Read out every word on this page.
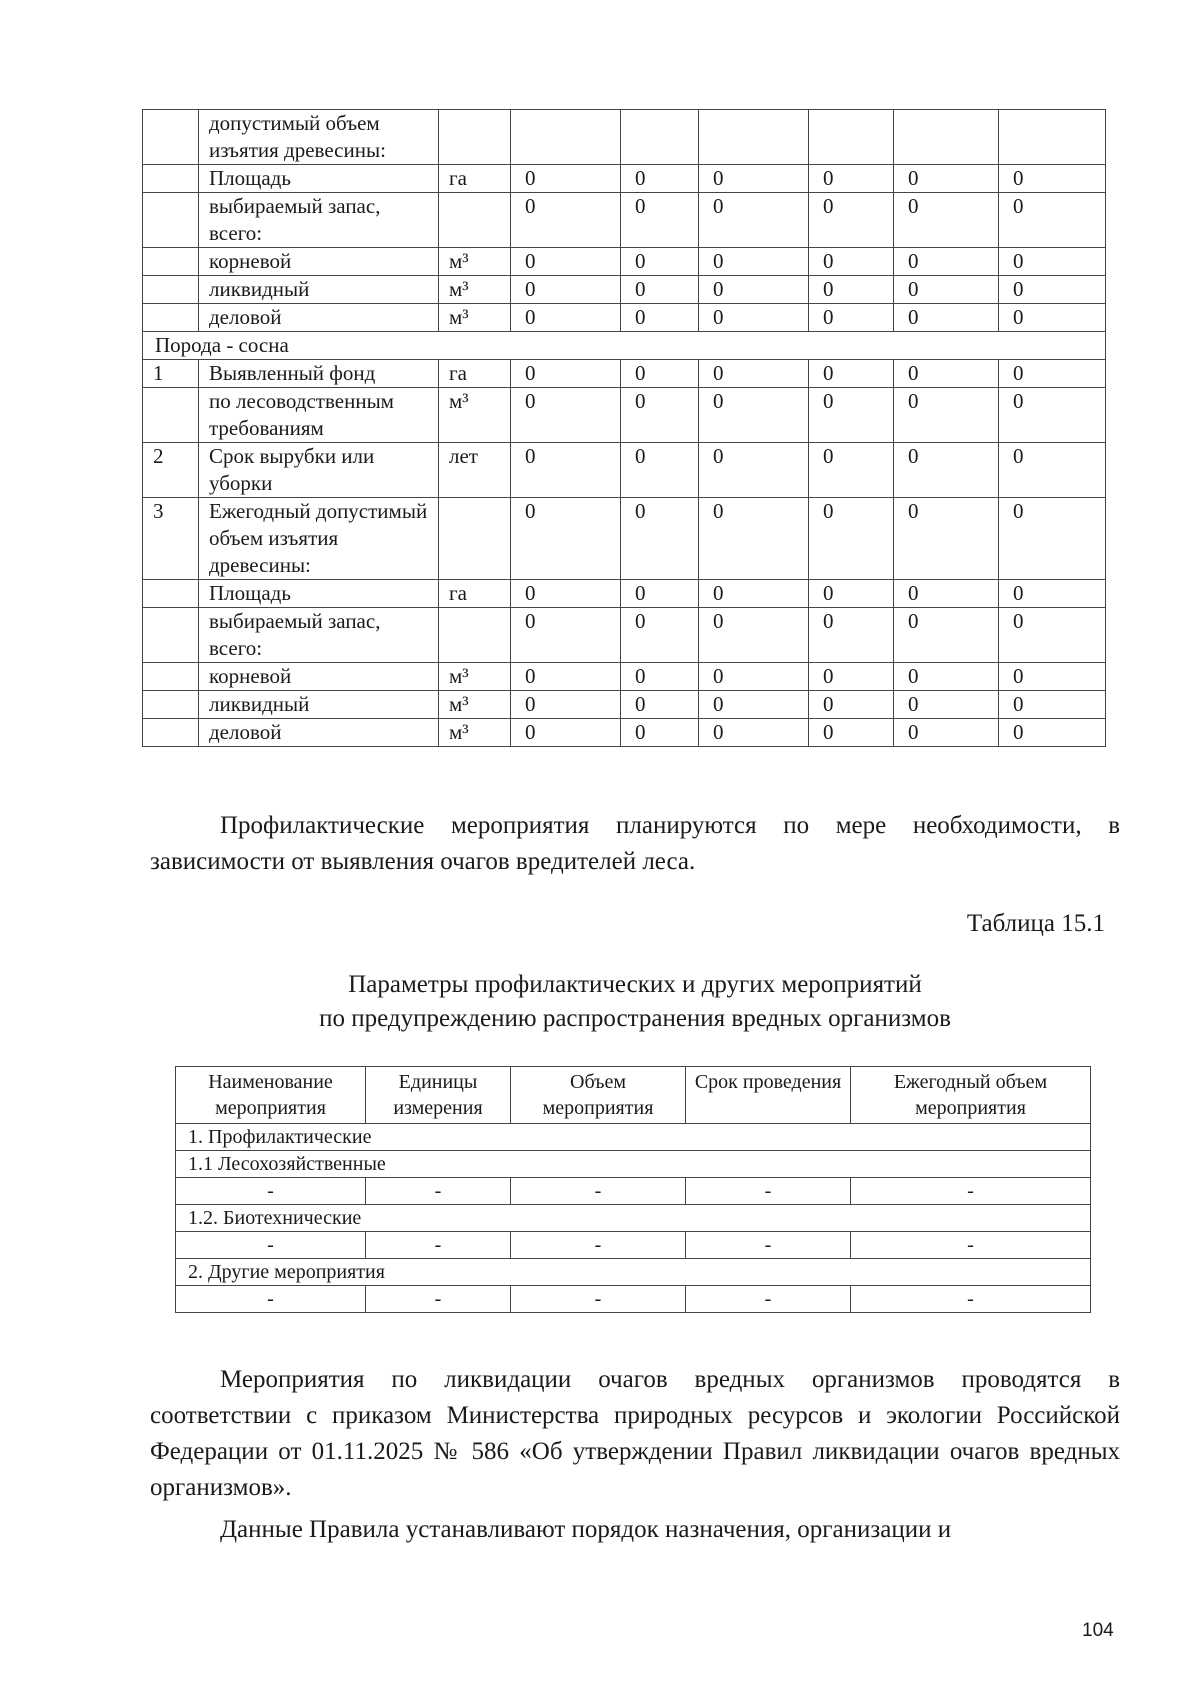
	допустимый объем изъятия древесины:							
	Площадь	га	0	0	0	0	0	0
	выбираемый запас, всего:		0	0	0	0	0	0
	корневой	м³	0	0	0	0	0	0
	ликвидный	м³	0	0	0	0	0	0
	деловой	м³	0	0	0	0	0	0
Порода - сосна								
1	Выявленный фонд	га	0	0	0	0	0	0
	по лесоводственным требованиям	м³	0	0	0	0	0	0
2	Срок вырубки или уборки	лет	0	0	0	0	0	0
3	Ежегодный допустимый объем изъятия древесины:		0	0	0	0	0	0
	Площадь	га	0	0	0	0	0	0
	выбираемый запас, всего:		0	0	0	0	0	0
	корневой	м³	0	0	0	0	0	0
	ликвидный	м³	0	0	0	0	0	0
	деловой	м³	0	0	0	0	0	0

Профилактические мероприятия планируются по мере необходимости, в зависимости от выявления очагов вредителей леса.

Таблица 15.1

Параметры профилактических и других мероприятий

по предупреждению распространения вредных организмов

Наименование мероприятия	Единицы измерения	Объем мероприятия	Срок проведения	Ежегодный объем мероприятия
1. Профилактические				
1.1 Лесохозяйственные				
-	-	-	-	-
1.2. Биотехнические				
-	-	-	-	-
2. Другие мероприятия				
-	-	-	-	-

Мероприятия по ликвидации очагов вредных организмов проводятся в соответствии с приказом Министерства природных ресурсов и экологии Российской Федерации от 01.11.2025 № 586 «Об утверждении Правил ликвидации очагов вредных организмов».

Данные Правила устанавливают порядок назначения, организации и

104
